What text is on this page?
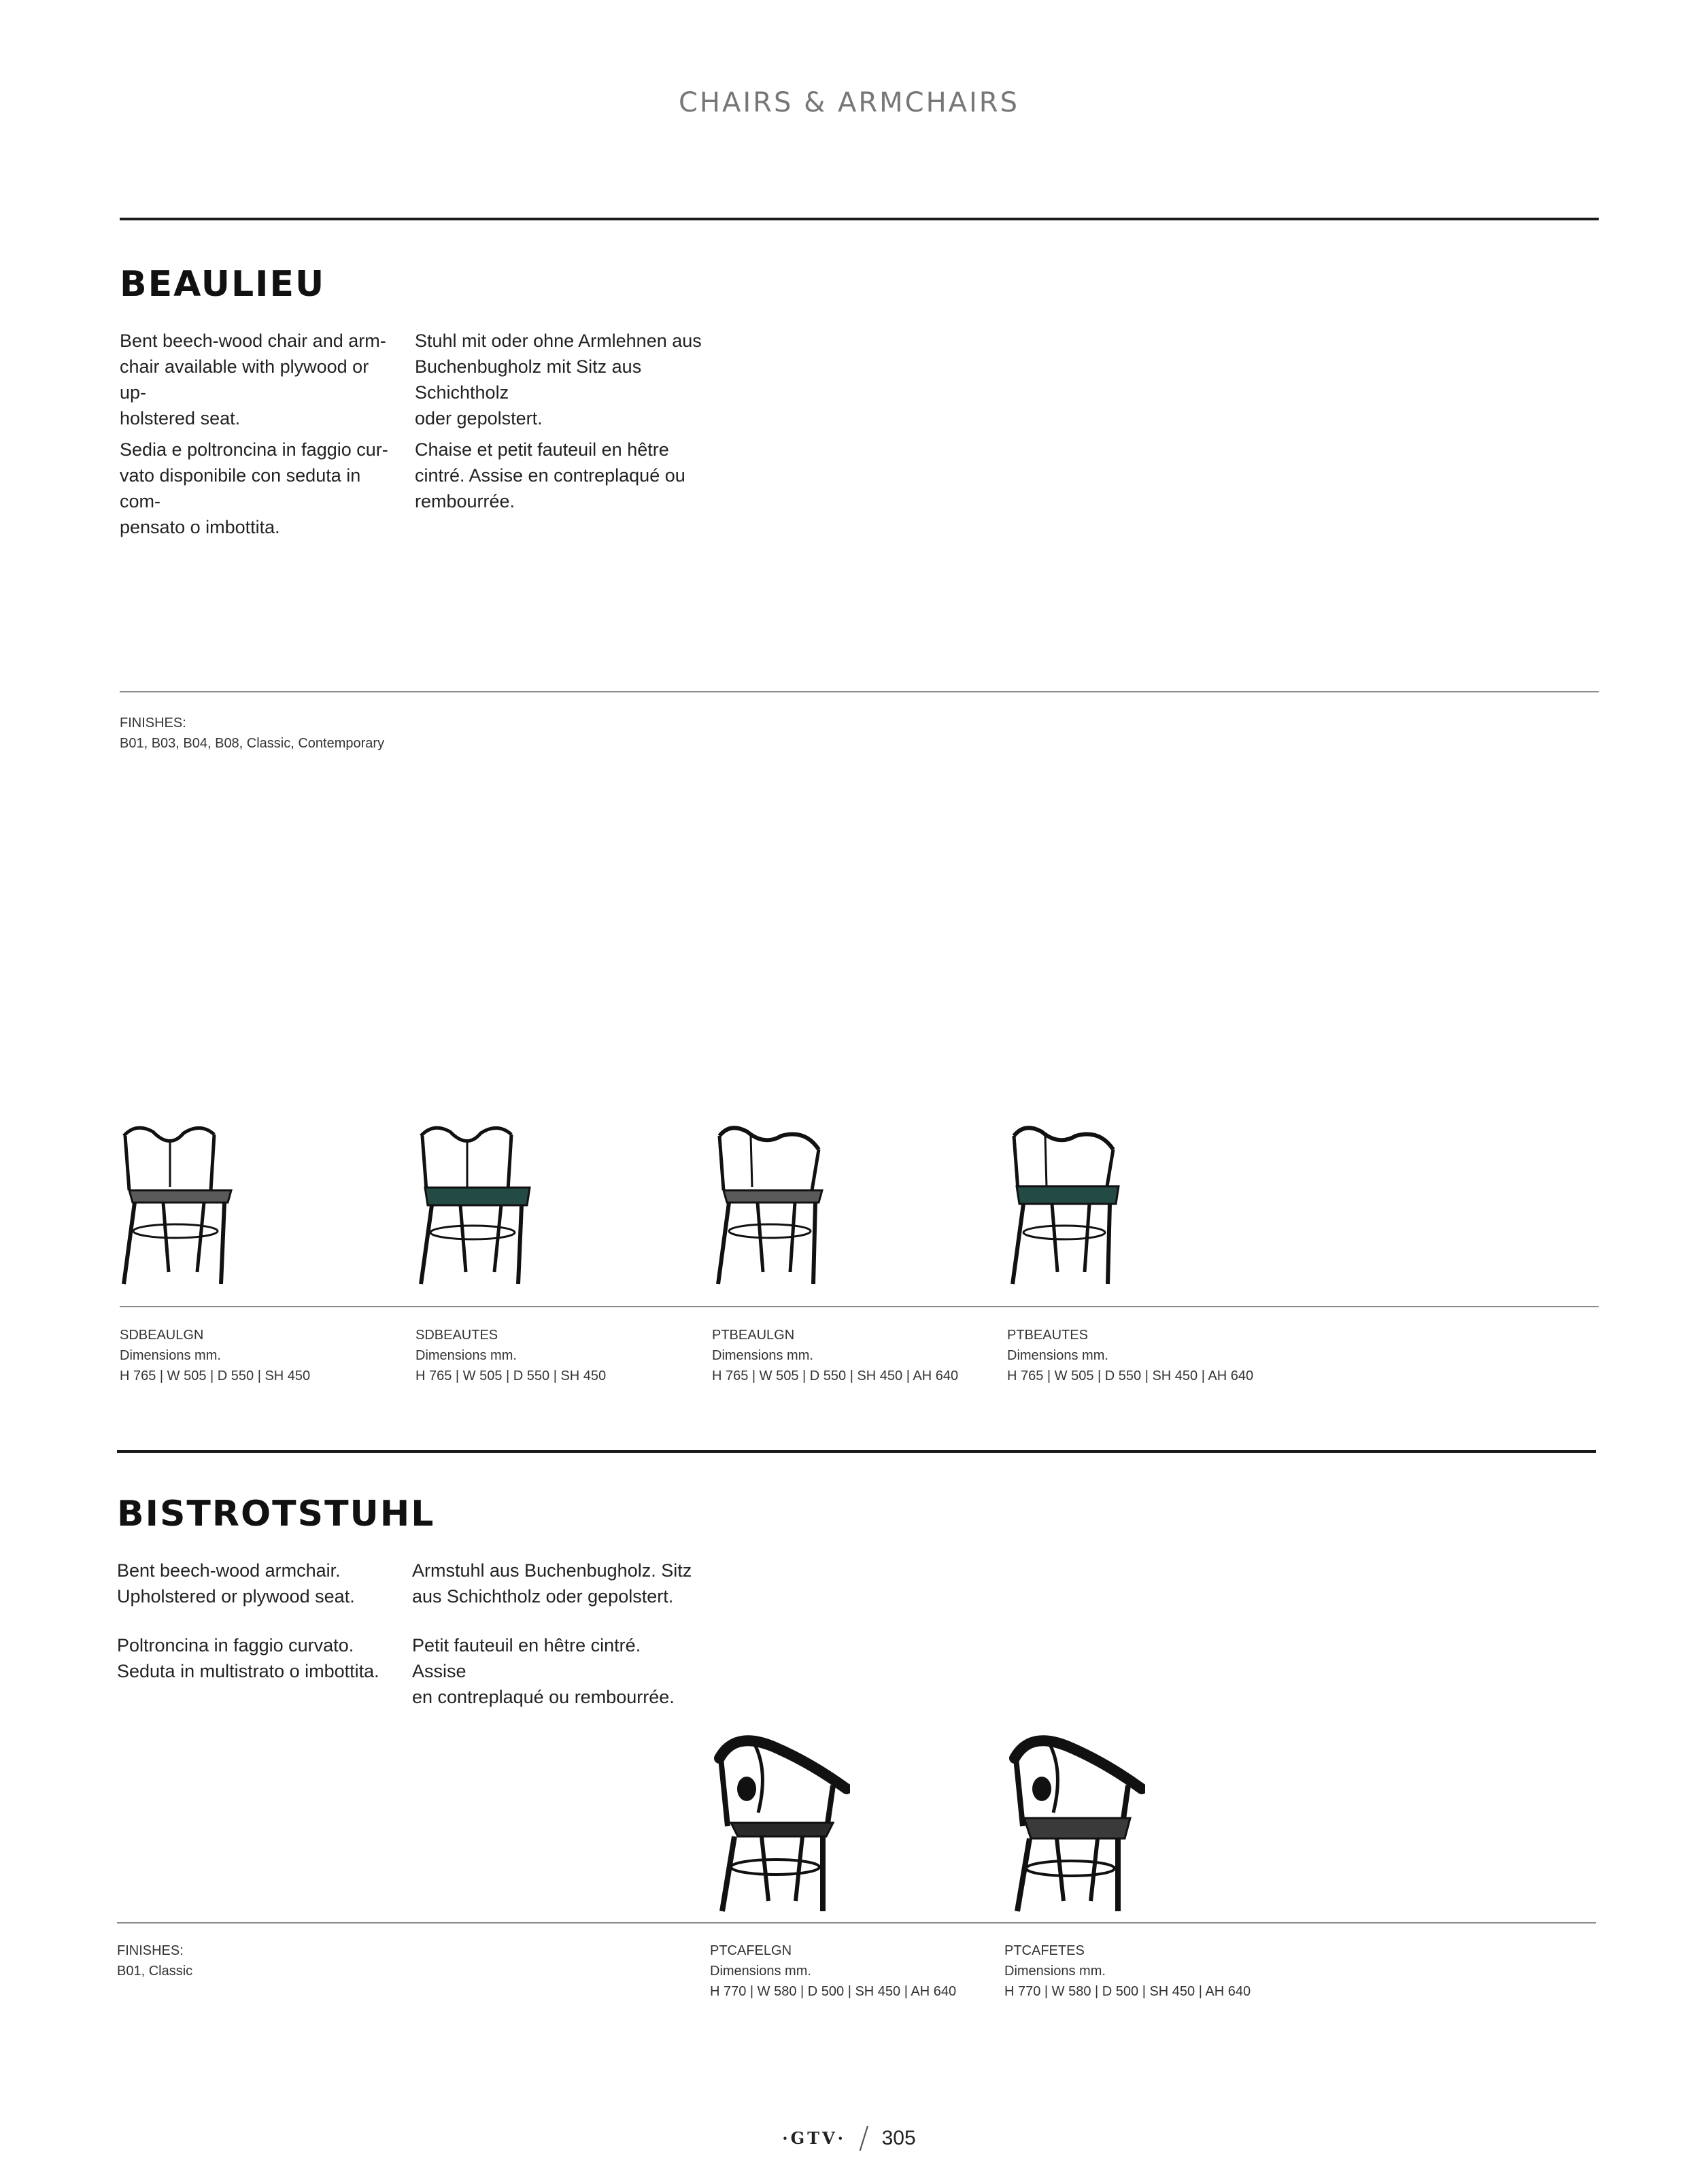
CHAIRS & ARMCHAIRS
BEAULIEU
Bent beech-wood chair and arm-
chair available with plywood or up-
holstered seat.
Stuhl mit oder ohne Armlehnen aus
Buchenbugholz mit Sitz aus Schichtholz
oder gepolstert.
Sedia e poltroncina in faggio cur-
vato disponibile con seduta in com-
pensato o imbottita.
Chaise et petit fauteuil en hêtre
cintré. Assise en contreplaqué ou
rembourrée.
FINISHES:
B01, B03, B04, B08, Classic, Contemporary
SDBEAULGN
Dimensions mm.
H 765 | W 505 | D 550 | SH 450
SDBEAUTES
Dimensions mm.
H 765 | W 505 | D 550 | SH 450
PTBEAULGN
Dimensions mm.
H 765 | W 505 | D 550 | SH 450 | AH 640
PTBEAUTES
Dimensions mm.
H 765 | W 505 | D 550 | SH 450 | AH 640
BISTROTSTUHL
Bent beech-wood armchair.
Upholstered or plywood seat.
Armstuhl aus Buchenbugholz. Sitz
aus Schichtholz oder gepolstert.
Poltroncina in faggio curvato.
Seduta in multistrato o imbottita.
Petit fauteuil en hêtre cintré. Assise
en contreplaqué ou rembourrée.
FINISHES:
B01, Classic
PTCAFELGN
Dimensions mm.
H 770 | W 580 | D 500 | SH 450 | AH 640
PTCAFETES
Dimensions mm.
H 770 | W 580 | D 500 | SH 450 | AH 640
·GTV· / 305
